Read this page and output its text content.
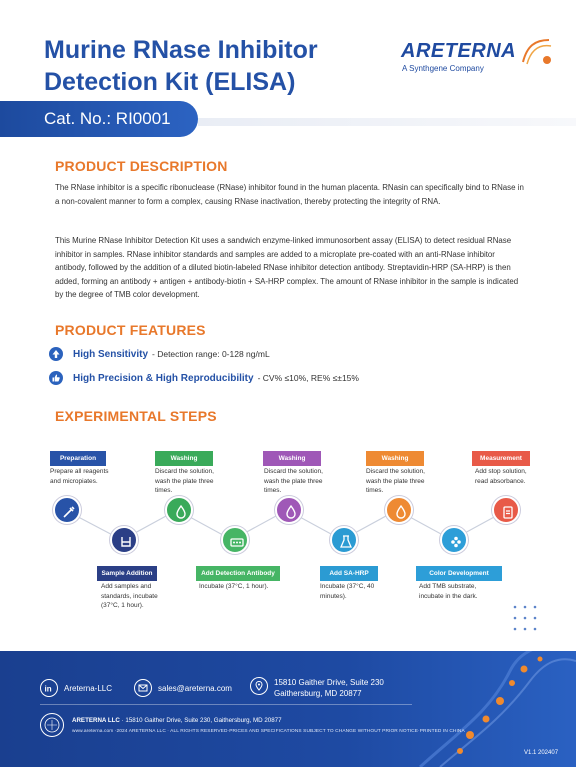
Murine RNase Inhibitor
Detection Kit (ELISA)
ARETERNA
A Synthgene Company
Cat. No.: RI0001
PRODUCT DESCRIPTION
The RNase inhibitor is a specific ribonuclease (RNase) inhibitor found in the human placenta. RNasin can specifically bind to RNase in a non-covalent manner to form a complex, causing RNase inactivation, thereby protecting the integrity of RNA.
This Murine RNase Inhibitor Detection Kit uses a sandwich enzyme-linked immunosorbent assay (ELISA) to detect residual RNase inhibitor in samples. RNase inhibitor standards and samples are added to a microplate pre-coated with an anti-RNase inhibitor antibody, followed by the addition of a diluted biotin-labeled RNase inhibitor detection antibody. Streptavidin-HRP (SA-HRP) is then added, forming an antibody + antigen + antibody-biotin + SA-HRP complex. The amount of RNase inhibitor in the sample is indicated by the degree of TMB color development.
PRODUCT FEATURES
High Sensitivity - Detection range: 0-128 ng/mL
High Precision & High Reproducibility - CV% ≤10%, RE% ≤±15%
EXPERIMENTAL STEPS
Preparation
Prepare all reagents and micropiates.
Sample Addition
Add samples and standards, incubate (37°C, 1 hour).
Washing
Discard the solution, wash the plate three times.
Add Detection Antibody
Incubate (37°C, 1 hour).
Washing
Discard the solution, wash the plate three times.
Add SA-HRP
Incubate (37°C, 40 minutes).
Washing
Discard the solution, wash the plate three times.
Color Development
Add TMB substrate, incubate in the dark.
Measurement
Add stop solution, read absorbance.
in Areterna-LLC	sales@areterna.com
15810 Gaither Drive, Suite 230
Gaithersburg, MD 20877
ARETERNA LLC · 15810 Gaither Drive, Suite 230, Gaithersburg, MD 20877
www.areterna.com ·2024 ARETERNA LLC · ALL RIGHTS RESERVED·PRICES AND SPECIFICATIONS SUBJECT TO CHANGE WITHOUT PRIOR NOTICE·PRINTED IN CHINA
V1.1 202407
